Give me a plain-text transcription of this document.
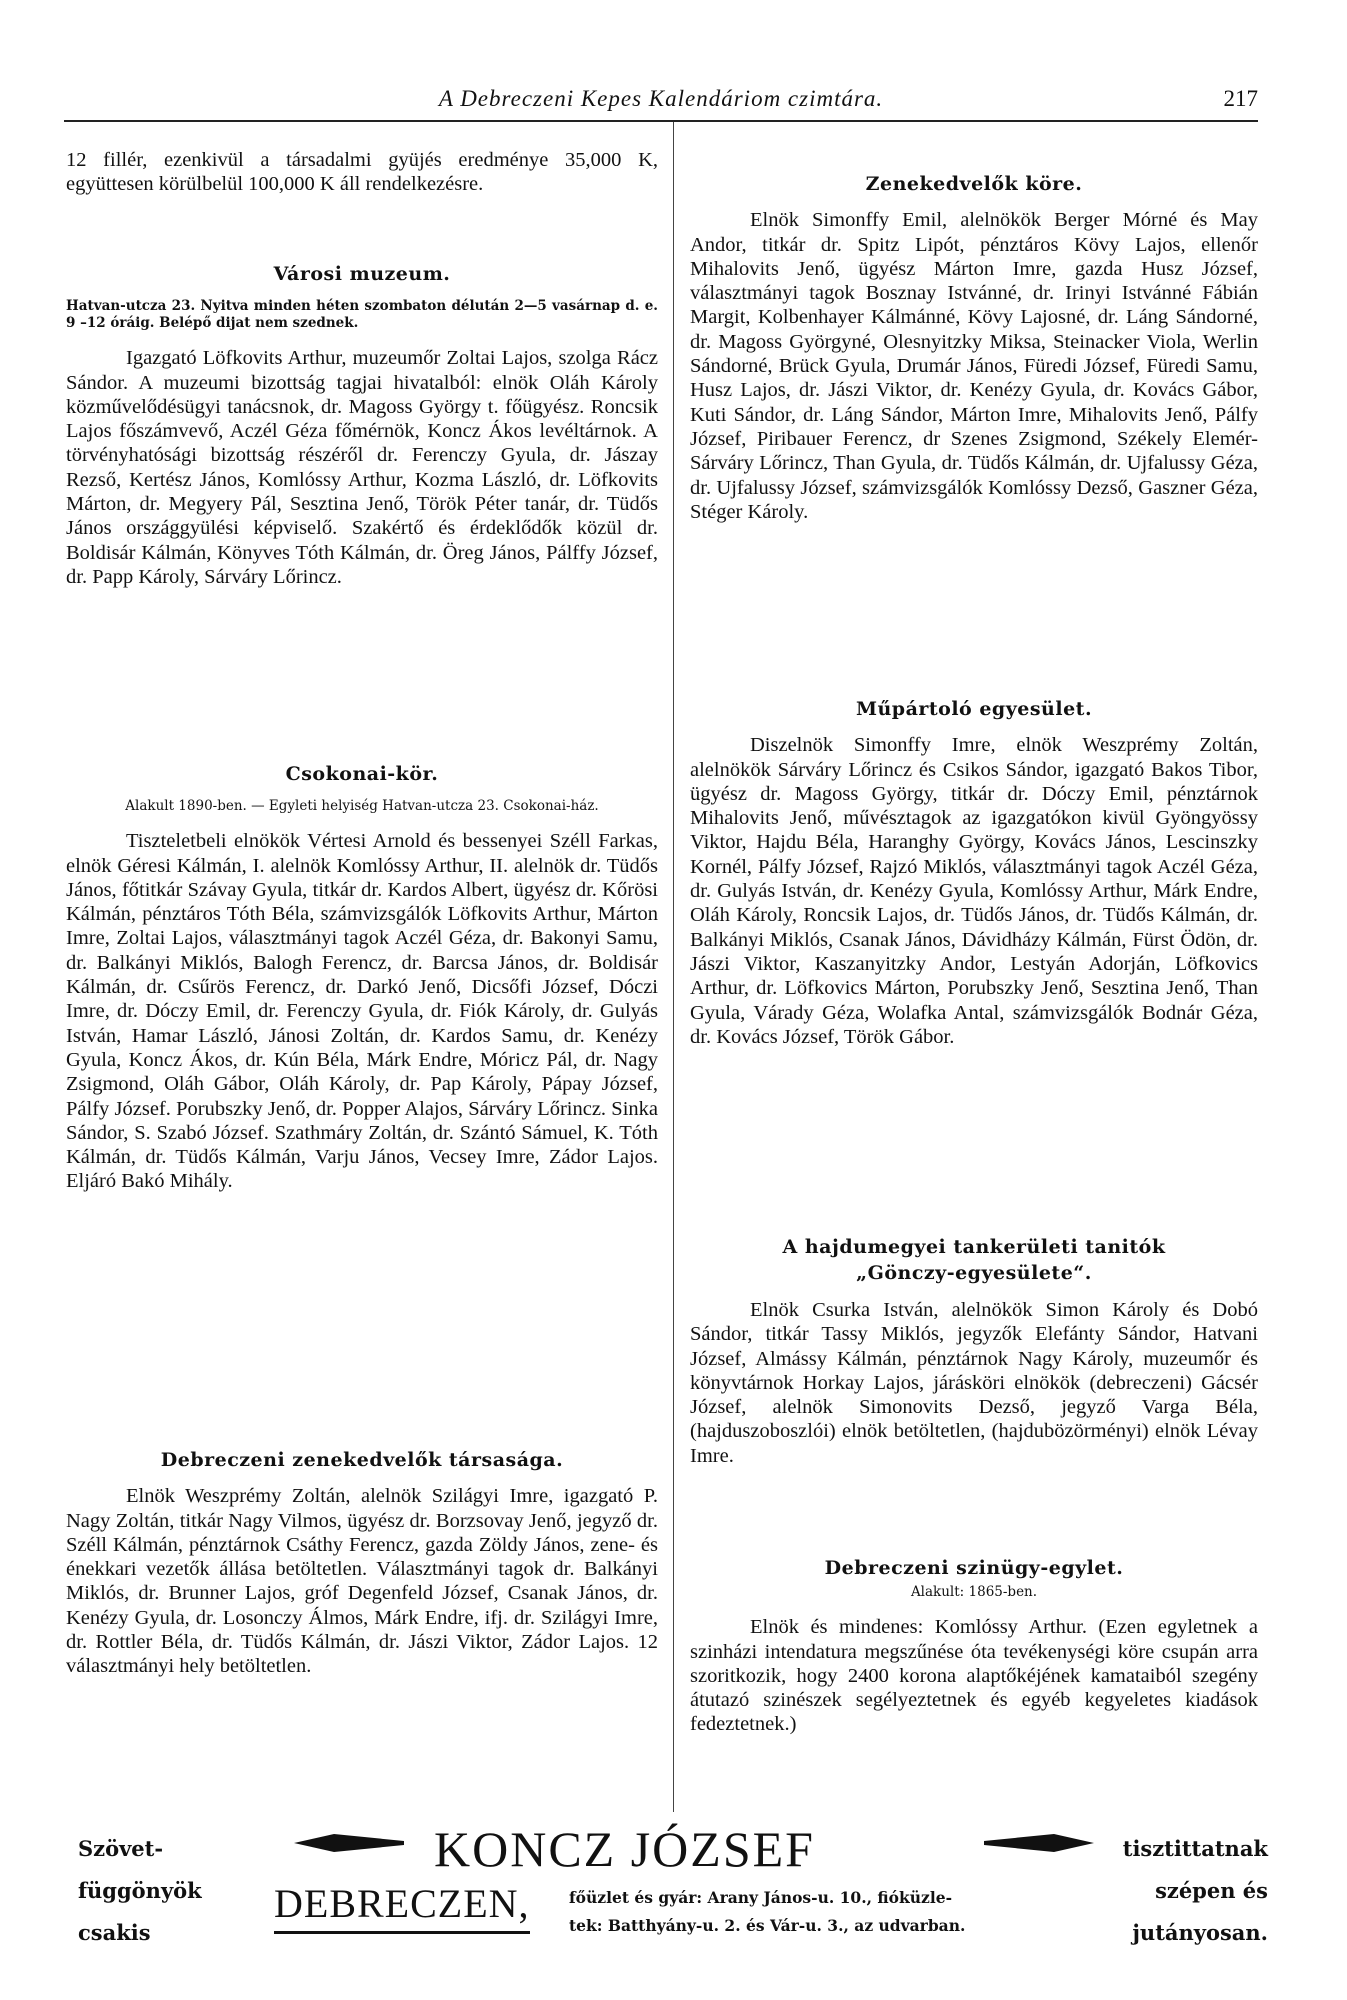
A Debreczeni Kepes Kalendáriom czimtára.	217

12 fillér, ezenkivül a társadalmi gyüjés eredménye 35,000 K, együttesen körülbelül 100,000 K áll rendelkezésre.

Városi muzeum.
Hatvan-utcza 23. Nyitva minden héten szombaton délután 2—5 vasárnap d. e. 9 –12 óráig. Belépő dijat nem szednek.

Igazgató Löfkovits Arthur, muzeumőr Zoltai Lajos, szolga Rácz Sándor. A muzeumi bizottság tagjai hivatalból: elnök Oláh Károly közművelődésügyi tanácsnok, dr. Magoss György t. főügyész. Roncsik Lajos főszámvevő, Aczél Géza főmérnök, Koncz Ákos levéltárnok. A törvényhatósági bizottság részéről dr. Ferenczy Gyula, dr. Jászay Rezső, Kertész János, Komlóssy Arthur, Kozma László, dr. Löfkovits Márton, dr. Megyery Pál, Sesztina Jenő, Török Péter tanár, dr. Tüdős János országgyülési képviselő. Szakértő és érdeklődők közül dr. Boldisár Kálmán, Könyves Tóth Kálmán, dr. Öreg János, Pálffy József, dr. Papp Károly, Sárváry Lőrincz.

Csokonai-kör.
Alakult 1890-ben. — Egyleti helyiség Hatvan-utcza 23. Csokonai-ház.

Tiszteletbeli elnökök Vértesi Arnold és bessenyei Széll Farkas, elnök Géresi Kálmán, I. alelnök Komlóssy Arthur, II. alelnök dr. Tüdős János, főtitkár Szávay Gyula, titkár dr. Kardos Albert, ügyész dr. Kőrösi Kálmán, pénztáros Tóth Béla, számvizsgálók Löfkovits Arthur, Márton Imre, Zoltai Lajos, választmányi tagok Aczél Géza, dr. Bakonyi Samu, dr. Balkányi Miklós, Balogh Ferencz, dr. Barcsa János, dr. Boldisár Kálmán, dr. Csűrös Ferencz, dr. Darkó Jenő, Dicsőfi József, Dóczi Imre, dr. Dóczy Emil, dr. Ferenczy Gyula, dr. Fiók Károly, dr. Gulyás István, Hamar László, Jánosi Zoltán, dr. Kardos Samu, dr. Kenézy Gyula, Koncz Ákos, dr. Kún Béla, Márk Endre, Móricz Pál, dr. Nagy Zsigmond, Oláh Gábor, Oláh Károly, dr. Pap Károly, Pápay József, Pálfy József. Porubszky Jenő, dr. Popper Alajos, Sárváry Lőrincz. Sinka Sándor, S. Szabó József. Szathmáry Zoltán, dr. Szántó Sámuel, K. Tóth Kálmán, dr. Tüdős Kálmán, Varju János, Vecsey Imre, Zádor Lajos. Eljáró Bakó Mihály.

Debreczeni zenekedvelők társasága.

Elnök Weszprémy Zoltán, alelnök Szilágyi Imre, igazgató P. Nagy Zoltán, titkár Nagy Vilmos, ügyész dr. Borzsovay Jenő, jegyző dr. Széll Kálmán, pénztárnok Csáthy Ferencz, gazda Zöldy János, zene- és énekkari vezetők állása betöltetlen. Választmányi tagok dr. Balkányi Miklós, dr. Brunner Lajos, gróf Degenfeld József, Csanak János, dr. Kenézy Gyula, dr. Losonczy Álmos, Márk Endre, ifj. dr. Szilágyi Imre, dr. Rottler Béla, dr. Tüdős Kálmán, dr. Jászi Viktor, Zádor Lajos. 12 választmányi hely betöltetlen.

Zenekedvelők köre.

Elnök Simonffy Emil, alelnökök Berger Mórné és May Andor, titkár dr. Spitz Lipót, pénztáros Kövy Lajos, ellenőr Mihalovits Jenő, ügyész Márton Imre, gazda Husz József, választmányi tagok Bosznay Istvánné, dr. Irinyi Istvánné Fábián Margit, Kolbenhayer Kálmánné, Kövy Lajosné, dr. Láng Sándorné, dr. Magoss Györgyné, Olesnyitzky Miksa, Steinacker Viola, Werlin Sándorné, Brück Gyula, Drumár János, Füredi József, Füredi Samu, Husz Lajos, dr. Jászi Viktor, dr. Kenézy Gyula, dr. Kovács Gábor, Kuti Sándor, dr. Láng Sándor, Márton Imre, Mihalovits Jenő, Pálfy József, Piribauer Ferencz, dr Szenes Zsigmond, Székely Elemér-Sárváry Lőrincz, Than Gyula, dr. Tüdős Kálmán, dr. Ujfalussy Géza, dr. Ujfalussy József, számvizsgálók Komlóssy Dezső, Gaszner Géza, Stéger Károly.

Műpártoló egyesület.

Diszelnök Simonffy Imre, elnök Weszprémy Zoltán, alelnökök Sárváry Lőrincz és Csikos Sándor, igazgató Bakos Tibor, ügyész dr. Magoss György, titkár dr. Dóczy Emil, pénztárnok Mihalovits Jenő, művésztagok az igazgatókon kivül Gyöngyössy Viktor, Hajdu Béla, Haranghy György, Kovács János, Lescinszky Kornél, Pálfy József, Rajzó Miklós, választmányi tagok Aczél Géza, dr. Gulyás István, dr. Kenézy Gyula, Komlóssy Arthur, Márk Endre, Oláh Károly, Roncsik Lajos, dr. Tüdős János, dr. Tüdős Kálmán, dr. Balkányi Miklós, Csanak János, Dávidházy Kálmán, Fürst Ödön, dr. Jászi Viktor, Kaszanyitzky Andor, Lestyán Adorján, Löfkovics Arthur, dr. Löfkovics Márton, Porubszky Jenő, Sesztina Jenő, Than Gyula, Várady Géza, Wolafka Antal, számvizsgálók Bodnár Géza, dr. Kovács József, Török Gábor.

A hajdumegyei tankerületi tanitók „Gönczy-egyesülete“.

Elnök Csurka István, alelnökök Simon Károly és Dobó Sándor, titkár Tassy Miklós, jegyzők Elefánty Sándor, Hatvani József, Almássy Kálmán, pénztárnok Nagy Károly, muzeumőr és könyvtárnok Horkay Lajos, járásköri elnökök (debreczeni) Gácsér József, alelnök Simonovits Dezső, jegyző Varga Béla, (hajduszoboszlói) elnök betöltetlen, (hajdubözörményi) elnök Lévay Imre.

Debreczeni szinügy-egylet.
Alakult: 1865-ben.

Elnök és mindenes: Komlóssy Arthur. (Ezen egyletnek a szinházi intendatura megszűnése óta tevékenységi köre csupán arra szoritkozik, hogy 2400 korona alaptőkéjének kamataiból szegény átutazó szinészek segélyeztetnek és egyéb kegyeletes kiadások fedeztetnek.)

Szövet-
függönyök
csakis
KONCZ JÓZSEF
DEBRECZEN,	főüzlet és gyár: Arany János-u. 10., fióküzle-
tek: Batthyány-u. 2. és Vár-u. 3., az udvarban.
tisztittatnak
szépen és
jutányosan.
